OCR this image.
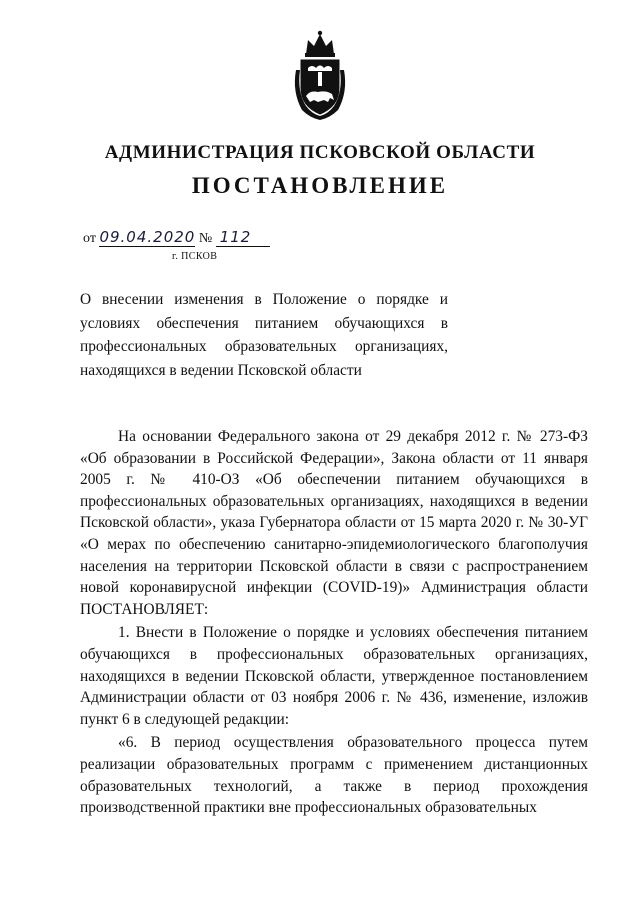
АДМИНИСТРАЦИЯ ПСКОВСКОЙ ОБЛАСТИ
ПОСТАНОВЛЕНИЕ
от 09.04.2020 № 112
г. ПСКОВ
О внесении изменения в Положение о порядке и условиях обеспечения питанием обучающихся в профессиональных образовательных организациях, находящихся в ведении Псковской области

На основании Федерального закона от 29 декабря 2012 г. № 273-ФЗ «Об образовании в Российской Федерации», Закона области от 11 января 2005 г. № 410-ОЗ «Об обеспечении питанием обучающихся в профессиональных образовательных организациях, находящихся в ведении Псковской области», указа Губернатора области от 15 марта 2020 г. № 30-УГ «О мерах по обеспечению санитарно-эпидемиологического благополучия населения на территории Псковской области в связи с распространением новой коронавирусной инфекции (COVID-19)» Администрация области ПОСТАНОВЛЯЕТ:

1. Внести в Положение о порядке и условиях обеспечения питанием обучающихся в профессиональных образовательных организациях, находящихся в ведении Псковской области, утвержденное постановлением Администрации области от 03 ноября 2006 г. № 436, изменение, изложив пункт 6 в следующей редакции:

«6. В период осуществления образовательного процесса путем реализации образовательных программ с применением дистанционных образовательных технологий, а также в период прохождения производственной практики вне профессиональных образовательных
